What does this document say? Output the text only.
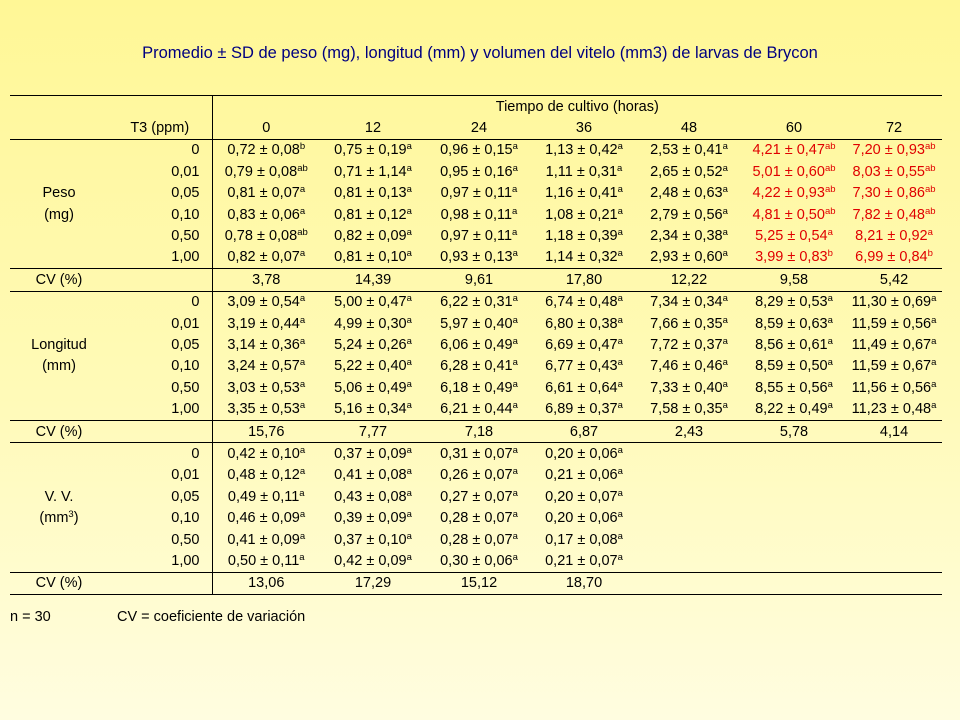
Promedio ± SD de peso (mg), longitud (mm) y volumen del vitelo (mm3) de larvas de Brycon
		Tiempo de cultivo (horas)						
	T3 (ppm)	0	12	24	36	48	60	72
	0	0,72 ± 0,08$^b$	0,75 ± 0,19$^a$	0,96 ± 0,15$^a$	1,13 ± 0,42$^a$	2,53 ± 0,41$^a$	4,21 ± 0,47$^{ab}$	7,20 ± 0,93$^{ab}$
	0,01	0,79 ± 0,08$^{ab}$	0,71 ± 1,14$^a$	0,95 ± 0,16$^a$	1,11 ± 0,31$^a$	2,65 ± 0,52$^a$	5,01 ± 0,60$^{ab}$	8,03 ± 0,55$^{ab}$
Peso	0,05	0,81 ± 0,07$^a$	0,81 ± 0,13$^a$	0,97 ± 0,11$^a$	1,16 ± 0,41$^a$	2,48 ± 0,63$^a$	4,22 ± 0,93$^{ab}$	7,30 ± 0,86$^{ab}$
(mg)	0,10	0,83 ± 0,06$^a$	0,81 ± 0,12$^a$	0,98 ± 0,11$^a$	1,08 ± 0,21$^a$	2,79 ± 0,56$^a$	4,81 ± 0,50$^{ab}$	7,82 ± 0,48$^{ab}$
	0,50	0,78 ± 0,08$^{ab}$	0,82 ± 0,09$^a$	0,97 ± 0,11$^a$	1,18 ± 0,39$^a$	2,34 ± 0,38$^a$	5,25 ± 0,54$^a$	8,21 ± 0,92$^a$
	1,00	0,82 ± 0,07$^a$	0,81 ± 0,10$^a$	0,93 ± 0,13$^a$	1,14 ± 0,32$^a$	2,93 ± 0,60$^a$	3,99 ± 0,83$^b$	6,99 ± 0,84$^b$
CV (%)		3,78	14,39	9,61	17,80	12,22	9,58	5,42
	0	3,09 ± 0,54$^a$	5,00 ± 0,47$^a$	6,22 ± 0,31$^a$	6,74 ± 0,48$^a$	7,34 ± 0,34$^a$	8,29 ± 0,53$^a$	11,30 ± 0,69$^a$
	0,01	3,19 ± 0,44$^a$	4,99 ± 0,30$^a$	5,97 ± 0,40$^a$	6,80 ± 0,38$^a$	7,66 ± 0,35$^a$	8,59 ± 0,63$^a$	11,59 ± 0,56$^a$
Longitud	0,05	3,14 ± 0,36$^a$	5,24 ± 0,26$^a$	6,06 ± 0,49$^a$	6,69 ± 0,47$^a$	7,72 ± 0,37$^a$	8,56 ± 0,61$^a$	11,49 ± 0,67$^a$
(mm)	0,10	3,24 ± 0,57$^a$	5,22 ± 0,40$^a$	6,28 ± 0,41$^a$	6,77 ± 0,43$^a$	7,46 ± 0,46$^a$	8,59 ± 0,50$^a$	11,59 ± 0,67$^a$
	0,50	3,03 ± 0,53$^a$	5,06 ± 0,49$^a$	6,18 ± 0,49$^a$	6,61 ± 0,64$^a$	7,33 ± 0,40$^a$	8,55 ± 0,56$^a$	11,56 ± 0,56$^a$
	1,00	3,35 ± 0,53$^a$	5,16 ± 0,34$^a$	6,21 ± 0,44$^a$	6,89 ± 0,37$^a$	7,58 ± 0,35$^a$	8,22 ± 0,49$^a$	11,23 ± 0,48$^a$
CV (%)		15,76	7,77	7,18	6,87	2,43	5,78	4,14
	0	0,42 ± 0,10$^a$	0,37 ± 0,09$^a$	0,31 ± 0,07$^a$	0,20 ± 0,06$^a$			
	0,01	0,48 ± 0,12$^a$	0,41 ± 0,08$^a$	0,26 ± 0,07$^a$	0,21 ± 0,06$^a$			
V. V.	0,05	0,49 ± 0,11$^a$	0,43 ± 0,08$^a$	0,27 ± 0,07$^a$	0,20 ± 0,07$^a$			
$(mm^3)$	0,10	0,46 ± 0,09$^a$	0,39 ± 0,09$^a$	0,28 ± 0,07$^a$	0,20 ± 0,06$^a$			
	0,50	0,41 ± 0,09$^a$	0,37 ± 0,10$^a$	0,28 ± 0,07$^a$	0,17 ± 0,08$^a$			
	1,00	0,50 ± 0,11$^a$	0,42 ± 0,09$^a$	0,30 ± 0,06$^a$	0,21 ± 0,07$^a$			
CV (%)		13,06	17,29	15,12	18,70			
n = 30	CV = coeficiente de variación
